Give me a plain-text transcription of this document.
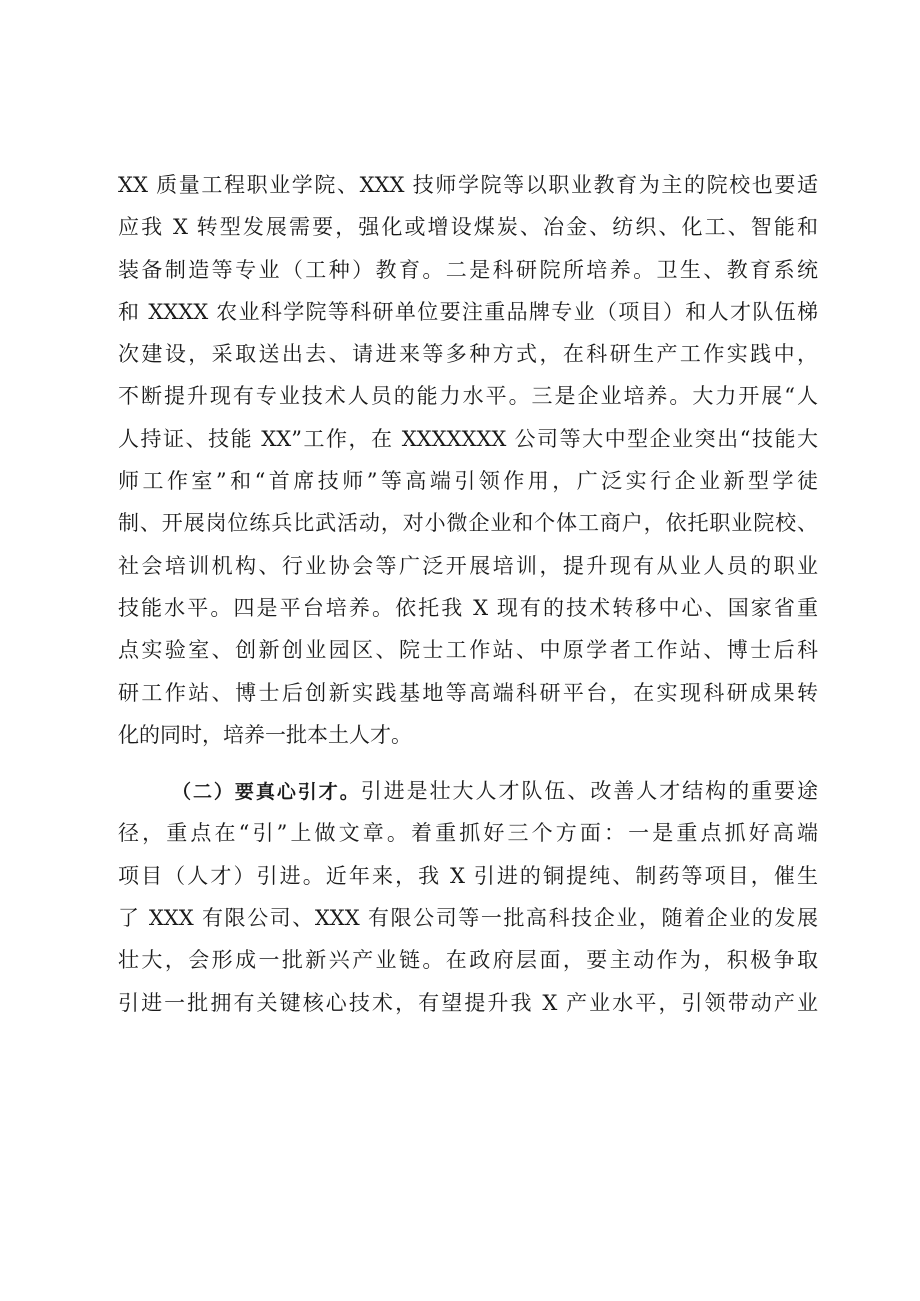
XX 质量工程职业学院、XXX 技师学院等以职业教育为主的院校也要适
应我 X 转型发展需要，强化或增设煤炭、冶金、纺织、化工、智能和
装备制造等专业（工种）教育。二是科研院所培养。卫生、教育系统
和 XXXX 农业科学院等科研单位要注重品牌专业（项目）和人才队伍梯
次建设，采取送出去、请进来等多种方式，在科研生产工作实践中，
不断提升现有专业技术人员的能力水平。三是企业培养。大力开展“人
人持证、技能 XX”工作，在 XXXXXXX 公司等大中型企业突出“技能大
师工作室”和“首席技师”等高端引领作用，广泛实行企业新型学徒
制、开展岗位练兵比武活动，对小微企业和个体工商户，依托职业院校、
社会培训机构、行业协会等广泛开展培训，提升现有从业人员的职业
技能水平。四是平台培养。依托我 X 现有的技术转移中心、国家省重
点实验室、创新创业园区、院士工作站、中原学者工作站、博士后科
研工作站、博士后创新实践基地等高端科研平台，在实现科研成果转
化的同时，培养一批本土人才。
（二）要真心引才。引进是壮大人才队伍、改善人才结构的重要途
径，重点在“引”上做文章。着重抓好三个方面：一是重点抓好高端
项目（人才）引进。近年来，我 X 引进的铜提纯、制药等项目，催生
了 XXX 有限公司、XXX 有限公司等一批高科技企业，随着企业的发展
壮大，会形成一批新兴产业链。在政府层面，要主动作为，积极争取
引进一批拥有关键核心技术，有望提升我 X 产业水平，引领带动产业
